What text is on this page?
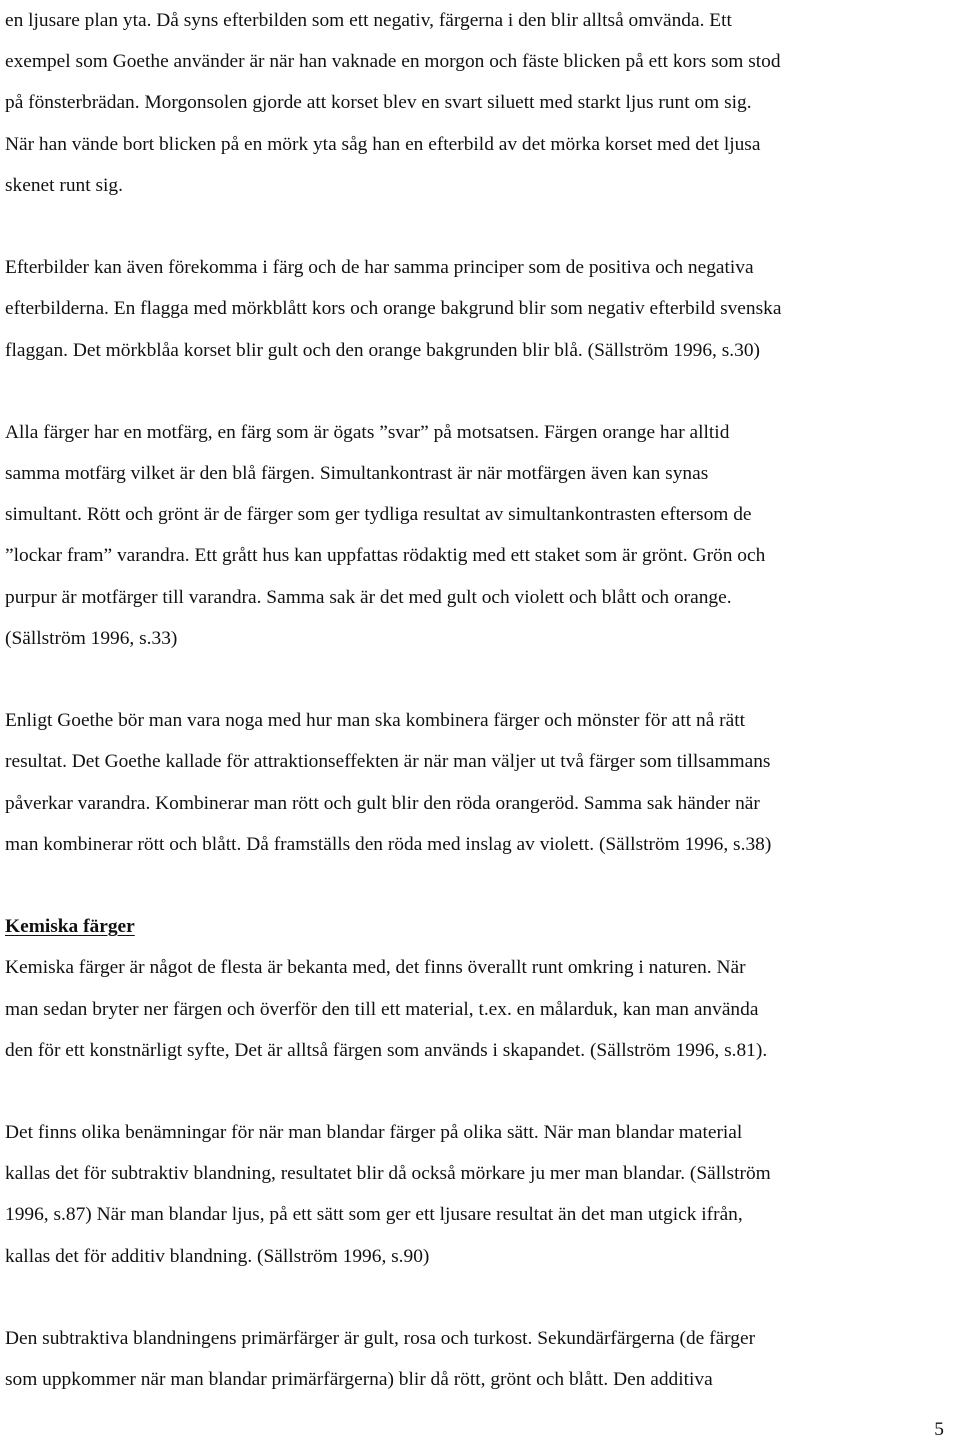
en ljusare plan yta. Då syns efterbilden som ett negativ, färgerna i den blir alltså omvända. Ett
exempel som Goethe använder är när han vaknade en morgon och fäste blicken på ett kors som stod
på fönsterbrädan. Morgonsolen gjorde att korset blev en svart siluett med starkt ljus runt om sig.
När han vände bort blicken på en mörk yta såg han en efterbild av det mörka korset med det ljusa
skenet runt sig.

Efterbilder kan även förekomma i färg och de har samma principer som de positiva och negativa
efterbilderna. En flagga med mörkblått kors och orange bakgrund blir som negativ efterbild svenska
flaggan. Det mörkblåa korset blir gult och den orange bakgrunden blir blå. (Sällström 1996, s.30)

Alla färger har en motfärg, en färg som är ögats ”svar” på motsatsen. Färgen orange har alltid
samma motfärg vilket är den blå färgen. Simultankontrast är när motfärgen även kan synas
simultant. Rött och grönt är de färger som ger tydliga resultat av simultankontrasten eftersom de
”lockar fram” varandra. Ett grått hus kan uppfattas rödaktig med ett staket som är grönt. Grön och
purpur är motfärger till varandra. Samma sak är det med gult och violett och blått och orange.
(Sällström 1996, s.33)

Enligt Goethe bör man vara noga med hur man ska kombinera färger och mönster för att nå rätt
resultat. Det Goethe kallade för attraktionseffekten är när man väljer ut två färger som tillsammans
påverkar varandra. Kombinerar man rött och gult blir den röda orangeröd. Samma sak händer när
man kombinerar rött och blått. Då framställs den röda med inslag av violett. (Sällström 1996, s.38)

Kemiska färger

Kemiska färger är något de flesta är bekanta med, det finns överallt runt omkring i naturen. När
man sedan bryter ner färgen och överför den till ett material, t.ex. en målarduk, kan man använda
den för ett konstnärligt syfte, Det är alltså färgen som används i skapandet. (Sällström 1996, s.81).

Det finns olika benämningar för när man blandar färger på olika sätt. När man blandar material
kallas det för subtraktiv blandning, resultatet blir då också mörkare ju mer man blandar. (Sällström
1996, s.87) När man blandar ljus, på ett sätt som ger ett ljusare resultat än det man utgick ifrån,
kallas det för additiv blandning. (Sällström 1996, s.90)

Den subtraktiva blandningens primärfärger är gult, rosa och turkost. Sekundärfärgerna (de färger
som uppkommer när man blandar primärfärgerna) blir då rött, grönt och blått. Den additiva

5
